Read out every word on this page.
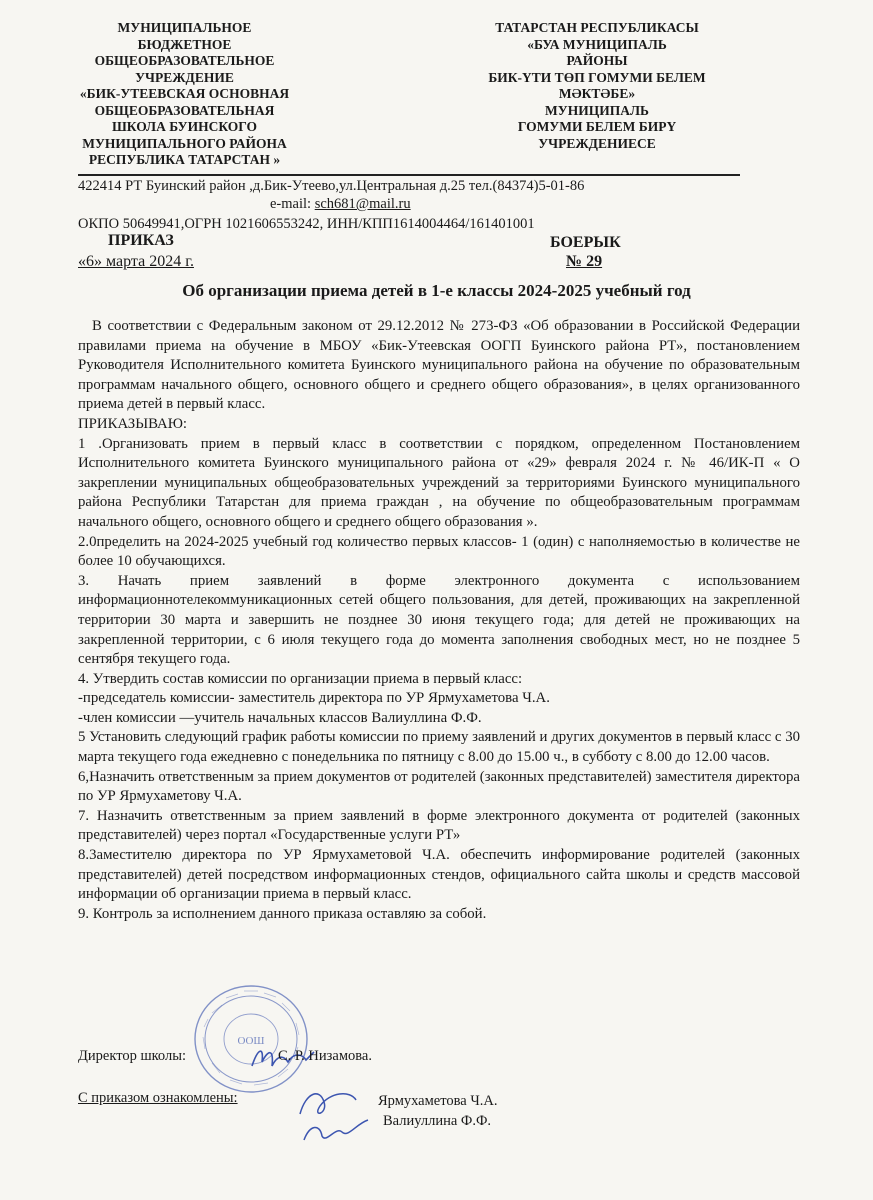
МУНИЦИПАЛЬНОЕ
БЮДЖЕТНОЕ
ОБЩЕОБРАЗОВАТЕЛЬНОЕ
УЧРЕЖДЕНИЕ
«БИК-УТЕЕВСКАЯ ОСНОВНАЯ
ОБЩЕОБРАЗОВАТЕЛЬНАЯ
ШКОЛА БУИНСКОГО
МУНИЦИПАЛЬНОГО РАЙОНА
РЕСПУБЛИКА ТАТАРСТАН »
ТАТАРСТАН РЕСПУБЛИКАСЫ
«БУА МУНИЦИПАЛЬ
РАЙОНЫ
БИК-ҮТИ ТӨП ГОМУМИ БЕЛЕМ
МӘКТӘБЕ»
МУНИЦИПАЛЬ
ГОМУМИ БЕЛЕМ БИРҮ
УЧРЕЖДЕНИЕСЕ
422414 РТ Буинский район ,д.Бик-Утеево,ул.Центральная д.25 тел.(84374)5-01-86
e-mail: sch681@mail.ru
ОКПО 50649941,ОГРН 1021606553242, ИНН/КПП1614004464/161401001
ПРИКАЗ	БОЕРЫК
«6» марта 2024 г.	№ 29
Об организации приема детей в 1-е классы 2024-2025 учебный год

В соответствии с Федеральным законом от 29.12.2012 № 273-ФЗ «Об образовании в Российской Федерации правилами приема на обучение в МБОУ «Бик-Утеевская ООГП Буинского района РТ», постановлением Руководителя Исполнительного комитета Буинского муниципального района на обучение по образовательным программам начального общего, основного общего и среднего общего образования», в целях организованного приема детей в первый класс.

ПРИКАЗЫВАЮ:

1 .Организовать прием в первый класс в соответствии с порядком, определенном Постановлением Исполнительного комитета Буинского муниципального района от «29» февраля 2024 г. № 46/ИК-П « О закреплении муниципальных общеобразовательных учреждений за территориями Буинского муниципального района Республики Татарстан для приема граждан , на обучение по общеобразовательным программам начального общего, основного общего и среднего общего образования ».

2.0пределить на 2024-2025 учебный год количество первых классов- 1 (один) с наполняемостью в количестве не более 10 обучающихся.

3. Начать прием заявлений в форме электронного документа с использованием информационнотелекоммуникационных сетей общего пользования, для детей, проживающих на закрепленной территории 30 марта и завершить не позднее 30 июня текущего года; для детей не проживающих на закрепленной территории, с 6 июля текущего года до момента заполнения свободных мест, но не позднее 5 сентября текущего года.

4. Утвердить состав комиссии по организации приема в первый класс:

-председатель комиссии- заместитель директора по УР Ярмухаметова Ч.А.

-член комиссии —учитель начальных классов Валиуллина Ф.Ф.

5 Установить следующий график работы комиссии по приему заявлений и других документов в первый класс с 30 марта текущего года ежедневно с понедельника по пятницу с 8.00 до 15.00 ч., в субботу с 8.00 до 12.00 часов.

6,Назначить ответственным за прием документов от родителей (законных представителей) заместителя директора по УР Ярмухаметову Ч.А.

7. Назначить ответственным за прием заявлений в форме электронного документа от родителей (законных представителей) через портал «Государственные услуги РТ»

8.3аместителю директора по УР Ярмухаметовой Ч.А. обеспечить информирование родителей (законных представителей) детей посредством информационных стендов, официального сайта школы и средств массовой информации об организации приема в первый класс.

9. Контроль за исполнением данного приказа оставляю за собой.

ООШ
Директор школы:	С. Р. Низамова.
С приказом ознакомлены:	Ярмухаметова Ч.А.
Валиуллина Ф.Ф.
